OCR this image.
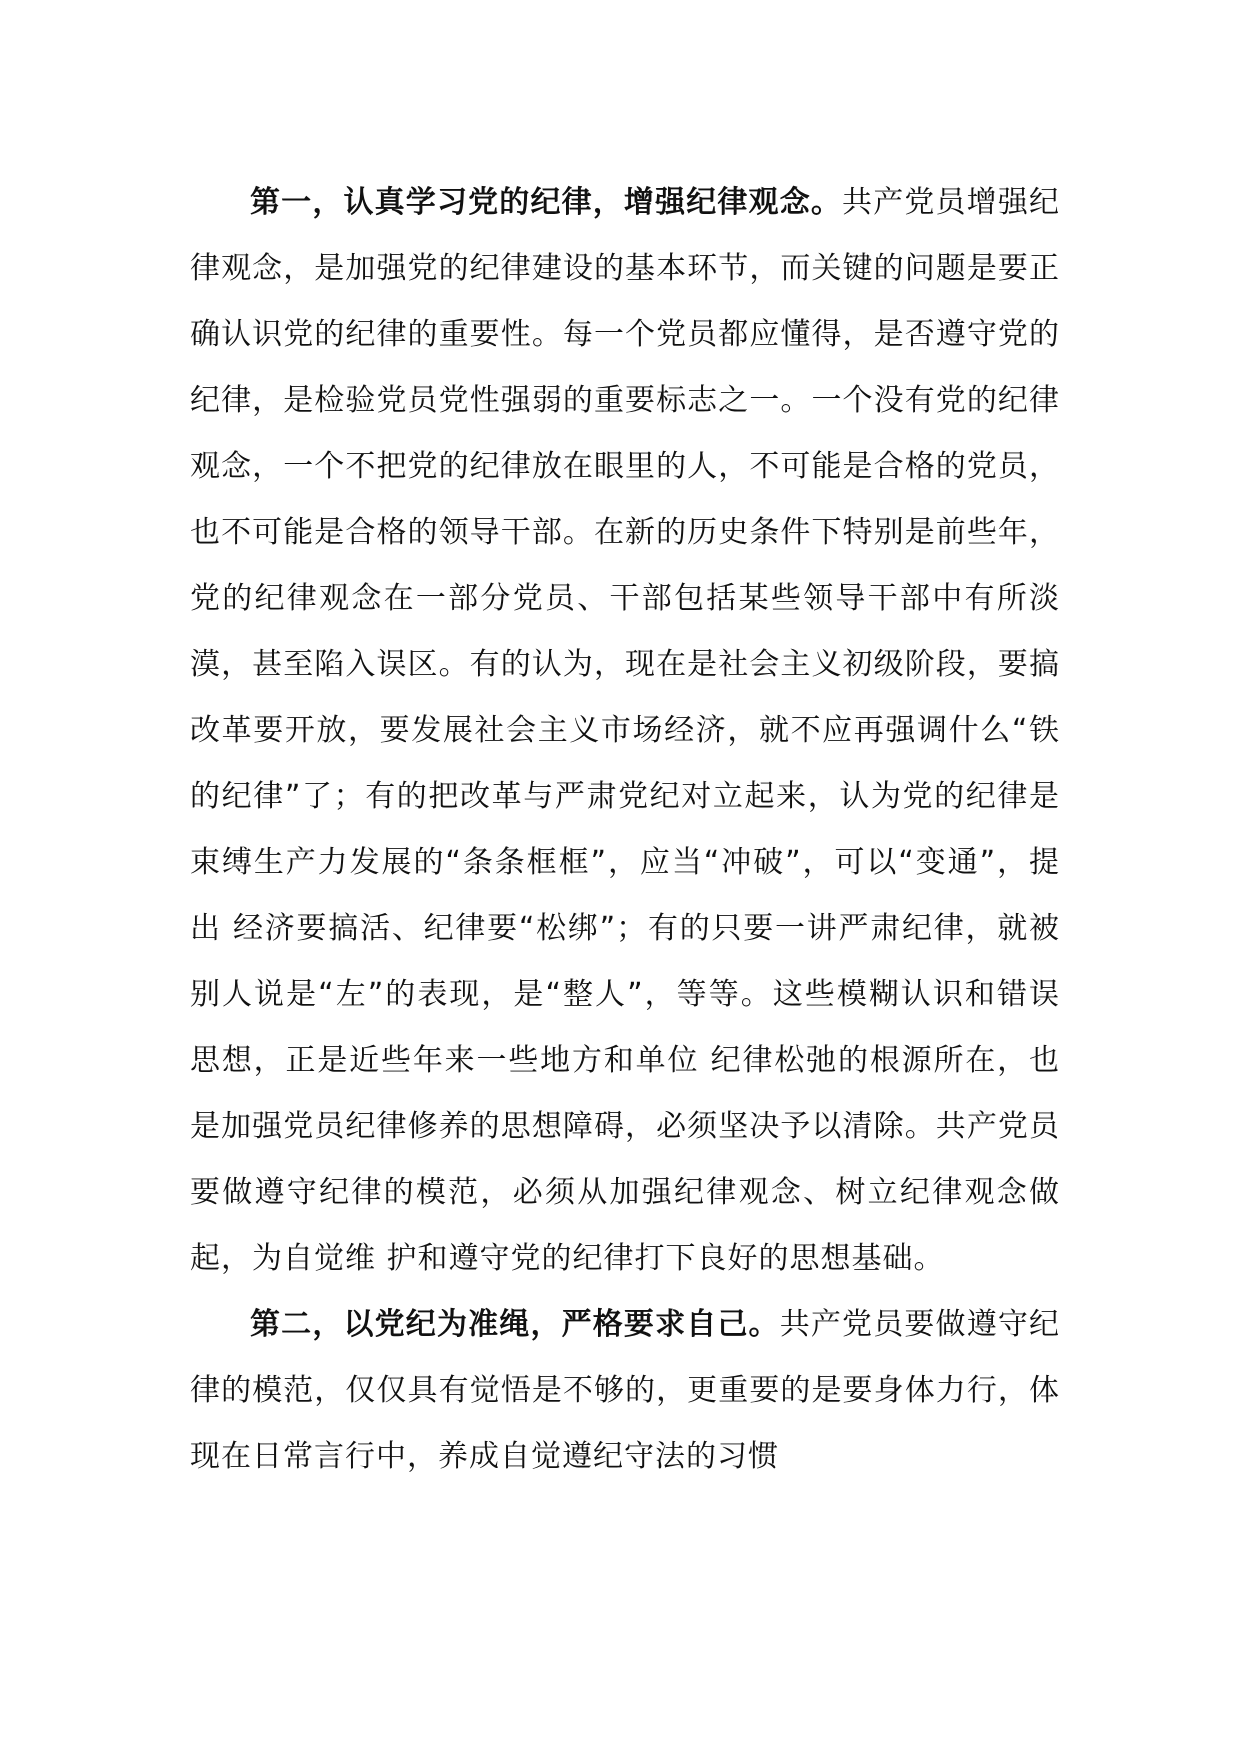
第一，认真学习党的纪律，增强纪律观念。共产党员增强纪律观念，是加强党的纪律建设的基本环节，而关键的问题是要正确认识党的纪律的重要性。每一个党员都应懂得，是否遵守党的纪律，是检验党员党性强弱的重要标志之一。一个没有党的纪律观念，一个不把党的纪律放在眼里的人，不可能是合格的党员，也不可能是合格的领导干部。在新的历史条件下特别是前些年，党的纪律观念在一部分党员、干部包括某些领导干部中有所淡漠，甚至陷入误区。有的认为，现在是社会主义初级阶段，要搞改革要开放，要发展社会主义市场经济，就不应再强调什么“铁的纪律”了；有的把改革与严肃党纪对立起来，认为党的纪律是束缚生产力发展的“条条框框”，应当“冲破”，可以“变通”，提出 经济要搞活、纪律要“松绑”；有的只要一讲严肃纪律，就被别人说是“左”的表现，是“整人”，等等。这些模糊认识和错误思想，正是近些年来一些地方和单位 纪律松弛的根源所在，也是加强党员纪律修养的思想障碍，必须坚决予以清除。共产党员要做遵守纪律的模范，必须从加强纪律观念、树立纪律观念做起，为自觉维 护和遵守党的纪律打下良好的思想基础。

第二，以党纪为准绳，严格要求自己。共产党员要做遵守纪律的模范，仅仅具有觉悟是不够的，更重要的是要身体力行，体现在日常言行中，养成自觉遵纪守法的习惯
